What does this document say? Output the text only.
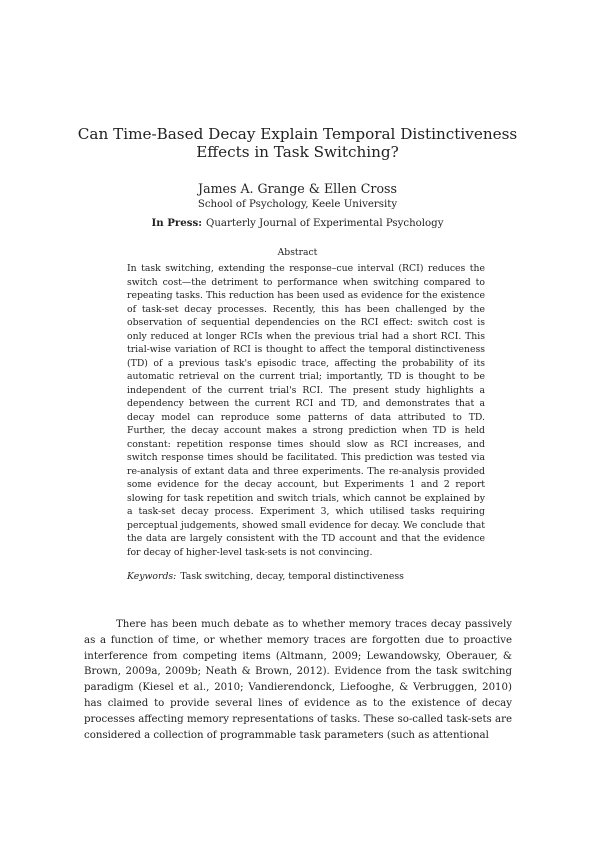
Can Time-Based Decay Explain Temporal Distinctiveness
Effects in Task Switching?
James A. Grange & Ellen Cross
School of Psychology, Keele University
In Press: Quarterly Journal of Experimental Psychology
Abstract
In task switching, extending the response–cue interval (RCI) reduces the switch cost—the detriment to performance when switching compared to repeating tasks. This reduction has been used as evidence for the existence of task-set decay processes. Recently, this has been challenged by the observation of sequential dependencies on the RCI effect: switch cost is only reduced at longer RCIs when the previous trial had a short RCI. This trial-wise variation of RCI is thought to affect the temporal distinctiveness (TD) of a previous task's episodic trace, affecting the probability of its automatic retrieval on the current trial; importantly, TD is thought to be independent of the current trial's RCI. The present study highlights a dependency between the current RCI and TD, and demonstrates that a decay model can reproduce some patterns of data attributed to TD. Further, the decay account makes a strong prediction when TD is held constant: repetition response times should slow as RCI increases, and switch response times should be facilitated. This prediction was tested via re-analysis of extant data and three experiments. The re-analysis provided some evidence for the decay account, but Experiments 1 and 2 report slowing for task repetition and switch trials, which cannot be explained by a task-set decay process. Experiment 3, which utilised tasks requiring perceptual judgements, showed small evidence for decay. We conclude that the data are largely consistent with the TD account and that the evidence for decay of higher-level task-sets is not convincing.
Keywords: Task switching, decay, temporal distinctiveness
There has been much debate as to whether memory traces decay passively as a function of time, or whether memory traces are forgotten due to proactive interference from competing items (Altmann, 2009; Lewandowsky, Oberauer, & Brown, 2009a, 2009b; Neath & Brown, 2012). Evidence from the task switching paradigm (Kiesel et al., 2010; Vandierendonck, Liefooghe, & Verbruggen, 2010) has claimed to provide several lines of evidence as to the existence of decay processes affecting memory representations of tasks. These so-called task-sets are considered a collection of programmable task parameters (such as attentional
